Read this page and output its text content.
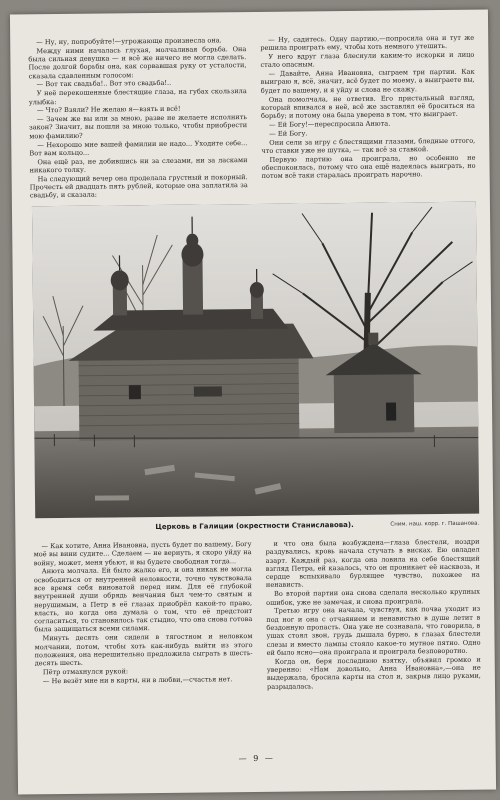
— Ну, ну, попробуйте!—угрожающе произнесла она.

Между ними началась глухая, молчаливая борьба. Она была сильная девушка — и всё же ничего не могла сделать. После долгой борьбы она, как сорвавшая руку от усталости, сказала сдавленным голосом:

— Вот так свадьба!.. Вот это свадьба!..

У неё перекошенные блестящие глаза, на губах скользила улыбка:

— Что? Взяли? Не желаю я—взять и всё!

— Зачем же вы или за мною, разве не желаете исполнить закон? Значит, вы пошли за мною только, чтобы приобрести мою фамилию?

— Нехорошо мне вашей фамилии не надо... Уходите себе... Вот вам кольцо...

Она ещё раз, не добившись ни за слезами, ни за ласками никакого толку.

На следующий вечер она проделала грустный и покорный. Прочесть ей двадцать пять рублей, которые она заплатила за свадьбу, и сказала:

— Ну, садитесь. Одну партию,—попросила она и тут же решила проиграть ему, чтобы хоть немного утешить.

У него вдруг глаза блеснули каким-то искорки и лицо стало опасным.

— Давайте, Анна Ивановна, сыграем три партии. Как выиграю я, всё, значит, всё будет по моему, а выиграете вы, будет по вашему, и я уйду и слова не скажу.

Она помолчала, не ответив. Его пристальный взгляд, который впивался в неё, всё же заставлял её броситься на борьбу; и потому она была уверена в том, что выиграет.

— Ей Богу!—переспросила Анюта.

— Ей Богу.

Они сели за игру с блестящими глазами, бледные оттого, что ставки уже не шутка, — так всё за ставкой.

Первую партию она проиграла, но особенно не обеспокоилась, потому что она ещё надеялась выиграть, но потом всё таки старалась проиграть нарочно.

Церковь в Галиции (окрестности Станиславова).	Сним. наш. корр. г. Пашанова.

— Как хотите, Анна Ивановна, пусть будет по вашему, Богу моё вы вини судите... Сделаем — не вернуть, я скоро уйду на войну, может, меня убьют, и вы будете свободная тогда...

Анюта молчала. Ей было жалко его, и она никак не могла освободиться от внутренней неловкости, точно чувствовала все время себя виноватой перед ним. Для её глубокой внутренней души обрядь венчания был чем-то святым и нерушимым, а Петр в её глазах приобрёл какой-то право, власть, но когда она думала о том, что её предстоит согласиться, то становилось так стыдно, что она снова готова была защищаться всеми силами.

Минуть десять они сидели в тягостном и неловком молчании, потом, чтобы хоть как-нибудь выйти из этого положения, она нерешительно предложила сыграть в шесть-десять шесть.

Пётр отмахнулся рукой:

— Не везёт мне ни в карты, ни в любви,—счастья нет.

и что она была возбуждена—глаза блестели, ноздри раздувались, кровь начала стучать в висках. Ею овладел азарт. Каждый раз, когда она ловила на себе блестящий взгляд Петра, ей казалось, что он проникает её насквозь, и сердце вспыхивало бурлящее чувство, похожее на ненависть.

Во второй партии она снова сделала несколько крупных ошибок, уже не замечая, и снова проиграла.

Третью игру она начала, чувствуя, как почва уходит из под ног и она с отчаянием и ненавистью в душе летит в бездонную пропасть. Она уже не сознавала, что говорила, в ушах стоял звон, грудь дышала бурно, в глазах блестели слезы и вместо лампы стояло какое-то мутное пятно. Одно ей было ясно—она проиграла и проиграла безповоротно.

Когда он, беря последнюю взятку, объявил громко и уверенно: «Нам довольно, Анна Ивановна»,—она не выдержала, бросила карты на стол и, закрыв лицо руками, разрыдалась.

— 9 —
